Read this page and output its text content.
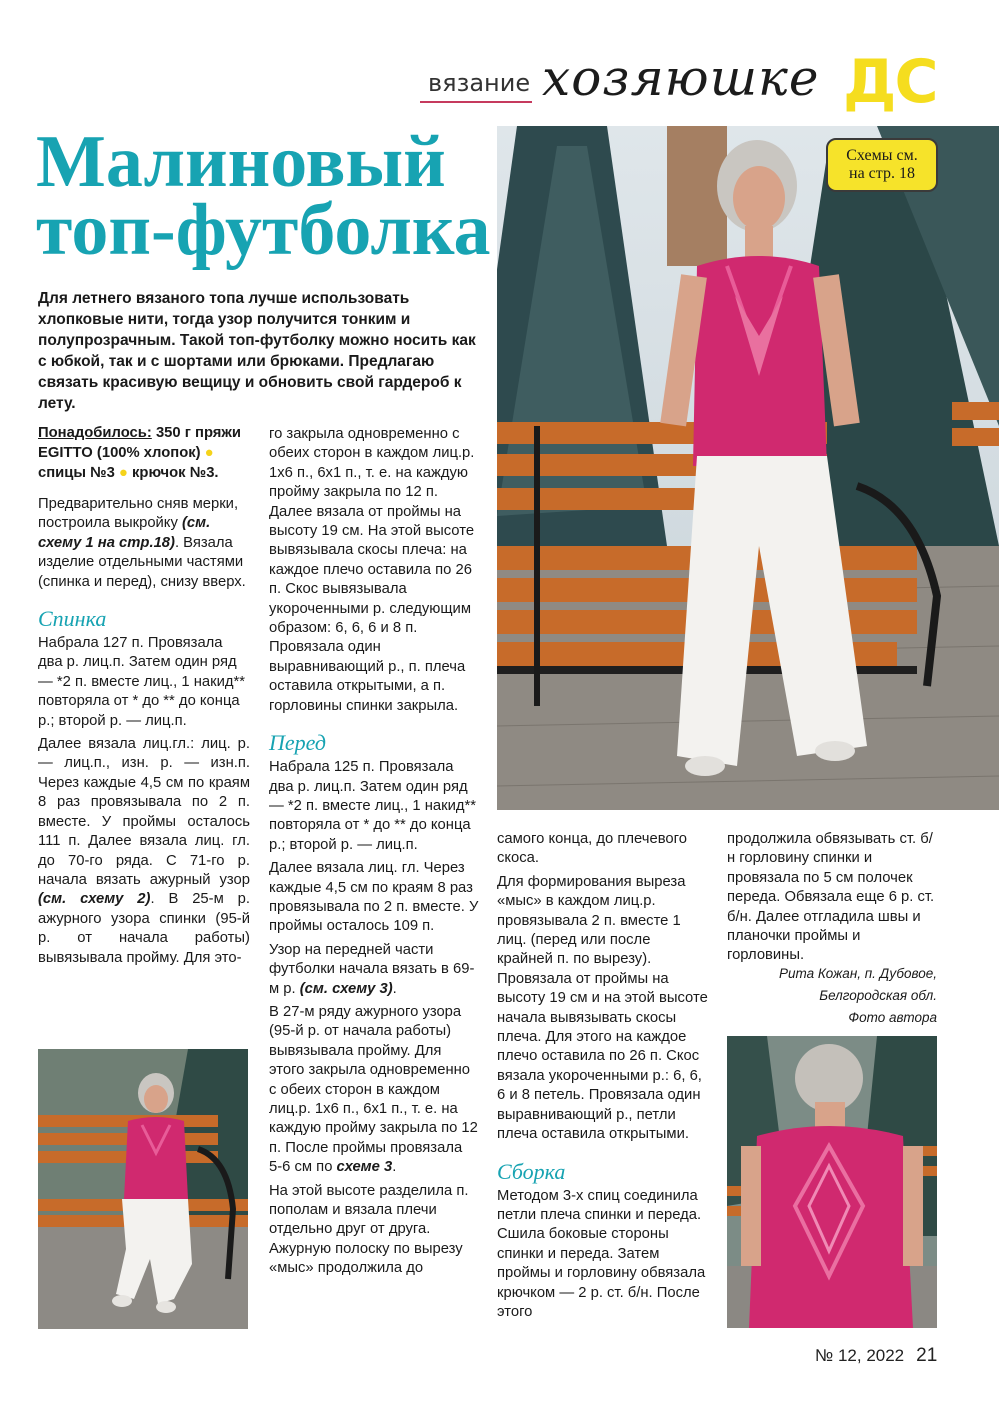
вязание хозяюшке ДС
Малиновый
топ-футболка
Схемы см.
на стр. 18
Для летнего вязаного топа лучше использовать хлопковые нити, тогда узор получится тонким и полупрозрачным. Такой топ-футболку можно носить как с юбкой, так и с шортами или брюками. Предлагаю связать красивую вещицу и обновить свой гардероб к лету.

Понадобилось: 350 г пряжи EGITTO (100% хлопок) ● спицы №3 ● крючок №3.

Предварительно сняв мерки, построила выкройку (см. схему 1 на стр.18). Вязала изделие отдельными частями (спинка и перед), снизу вверх.

Спинка

Набрала 127 п. Провязала два р. лиц.п. Затем один ряд — *2 п. вместе лиц., 1 накид** повторяла от * до ** до конца р.; второй р. — лиц.п.

Далее вязала лиц.гл.: лиц. р. — лиц.п., изн. р. — изн.п. Через каждые 4,5 см по краям 8 раз провязывала по 2 п. вместе. У проймы осталось 111 п. Далее вязала лиц. гл. до 70-го ряда. С 71-го р. начала вязать ажурный узор (см. схему 2). В 25-м р. ажурного узора спинки (95-й р. от начала работы) вывязывала пройму. Для это-

го закрыла одновременно с обеих сторон в каждом лиц.р. 1х6 п., 6х1 п., т. е. на каждую пройму закрыла по 12 п. Далее вязала от проймы на высоту 19 см. На этой высоте вывязывала скосы плеча: на каждое плечо оставила по 26 п. Скос вывязывала укороченными р. следующим образом: 6, 6, 6 и 8 п. Провязала один выравнивающий р., п. плеча оставила открытыми, а п. горловины спинки закрыла.

Перед

Набрала 125 п. Провязала два р. лиц.п. Затем один ряд — *2 п. вместе лиц., 1 накид** повторяла от * до ** до конца р.; второй р. — лиц.п.

Далее вязала лиц. гл. Через каждые 4,5 см по краям 8 раз провязывала по 2 п. вместе. У проймы осталось 109 п.

Узор на передней части футболки начала вязать в 69-м р. (см. схему 3).

В 27-м ряду ажурного узора (95-й р. от начала работы) вывязывала пройму. Для этого закрыла одновременно с обеих сторон в каждом лиц.р. 1х6 п., 6х1 п., т. е. на каждую пройму закрыла по 12 п. После проймы провязала 5-6 см по схеме 3.

На этой высоте разделила п. пополам и вязала плечи отдельно друг от друга. Ажурную полоску по вырезу «мыс» продолжила до

самого конца, до плечевого скоса.

Для формирования выреза «мыс» в каждом лиц.р. провязывала 2 п. вместе 1 лиц. (перед или после крайней п. по вырезу). Провязала от проймы на высоту 19 см и на этой высоте начала вывязывать скосы плеча. Для этого на каждое плечо оставила по 26 п. Скос вязала укороченными р.: 6, 6, 6 и 8 петель. Провязала один выравнивающий р., петли плеча оставила открытыми.

Сборка

Методом 3-х спиц соединила петли плеча спинки и переда. Сшила боковые стороны спинки и переда. Затем проймы и горловину обвязала крючком — 2 р. ст. б/н. После этого

продолжила обвязывать ст. б/н горловину спинки и провязала по 5 см полочек переда. Обвязала еще 6 р. ст. б/н. Далее отгладила швы и планочки проймы и горловины.

Рита Кожан, п. Дубовое,
Белгородская обл.
Фото автора
№ 12, 2022 21
